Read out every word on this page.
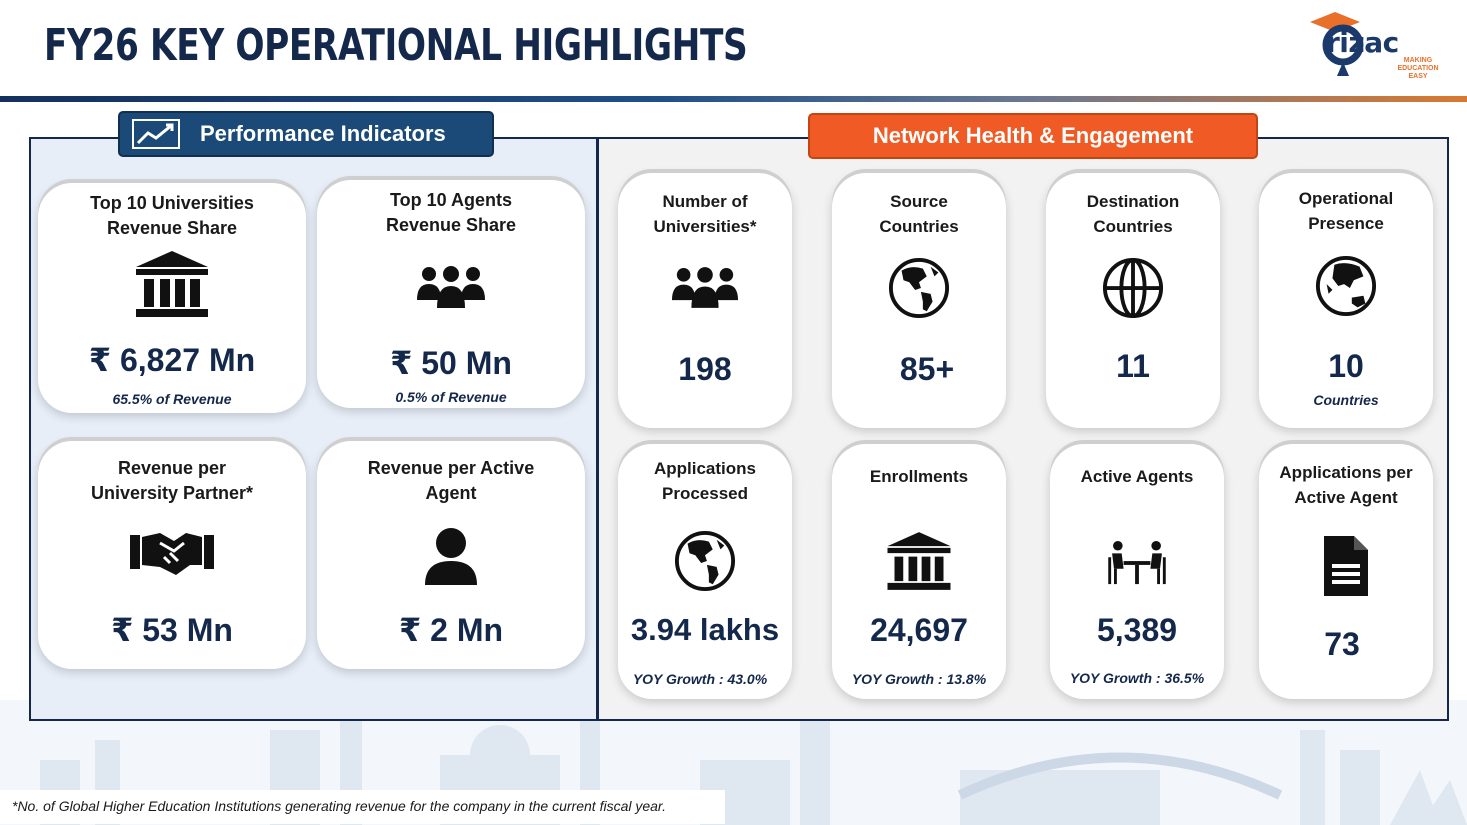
FY26 KEY OPERATIONAL HIGHLIGHTS	rizac
MAKING EDUCATION EASY
Performance Indicators	Network Health & Engagement
Top 10 Universities
Revenue Share
₹ 6,827 Mn
65.5% of Revenue
Top 10 Agents
Revenue Share
₹ 50 Mn
0.5% of Revenue
Revenue per
University Partner*
₹ 53 Mn
Revenue per Active
Agent
₹ 2 Mn
Number of
Universities*
198
Source
Countries
85+
Destination
Countries
11
Operational
Presence
10
Countries
Applications
Processed
3.94 lakhs
YOY Growth : 43.0%
Enrollments
24,697
YOY Growth : 13.8%
Active Agents
5,389
YOY Growth : 36.5%
Applications per
Active Agent
73
*No. of Global Higher Education Institutions generating revenue for the company in the current fiscal year.
